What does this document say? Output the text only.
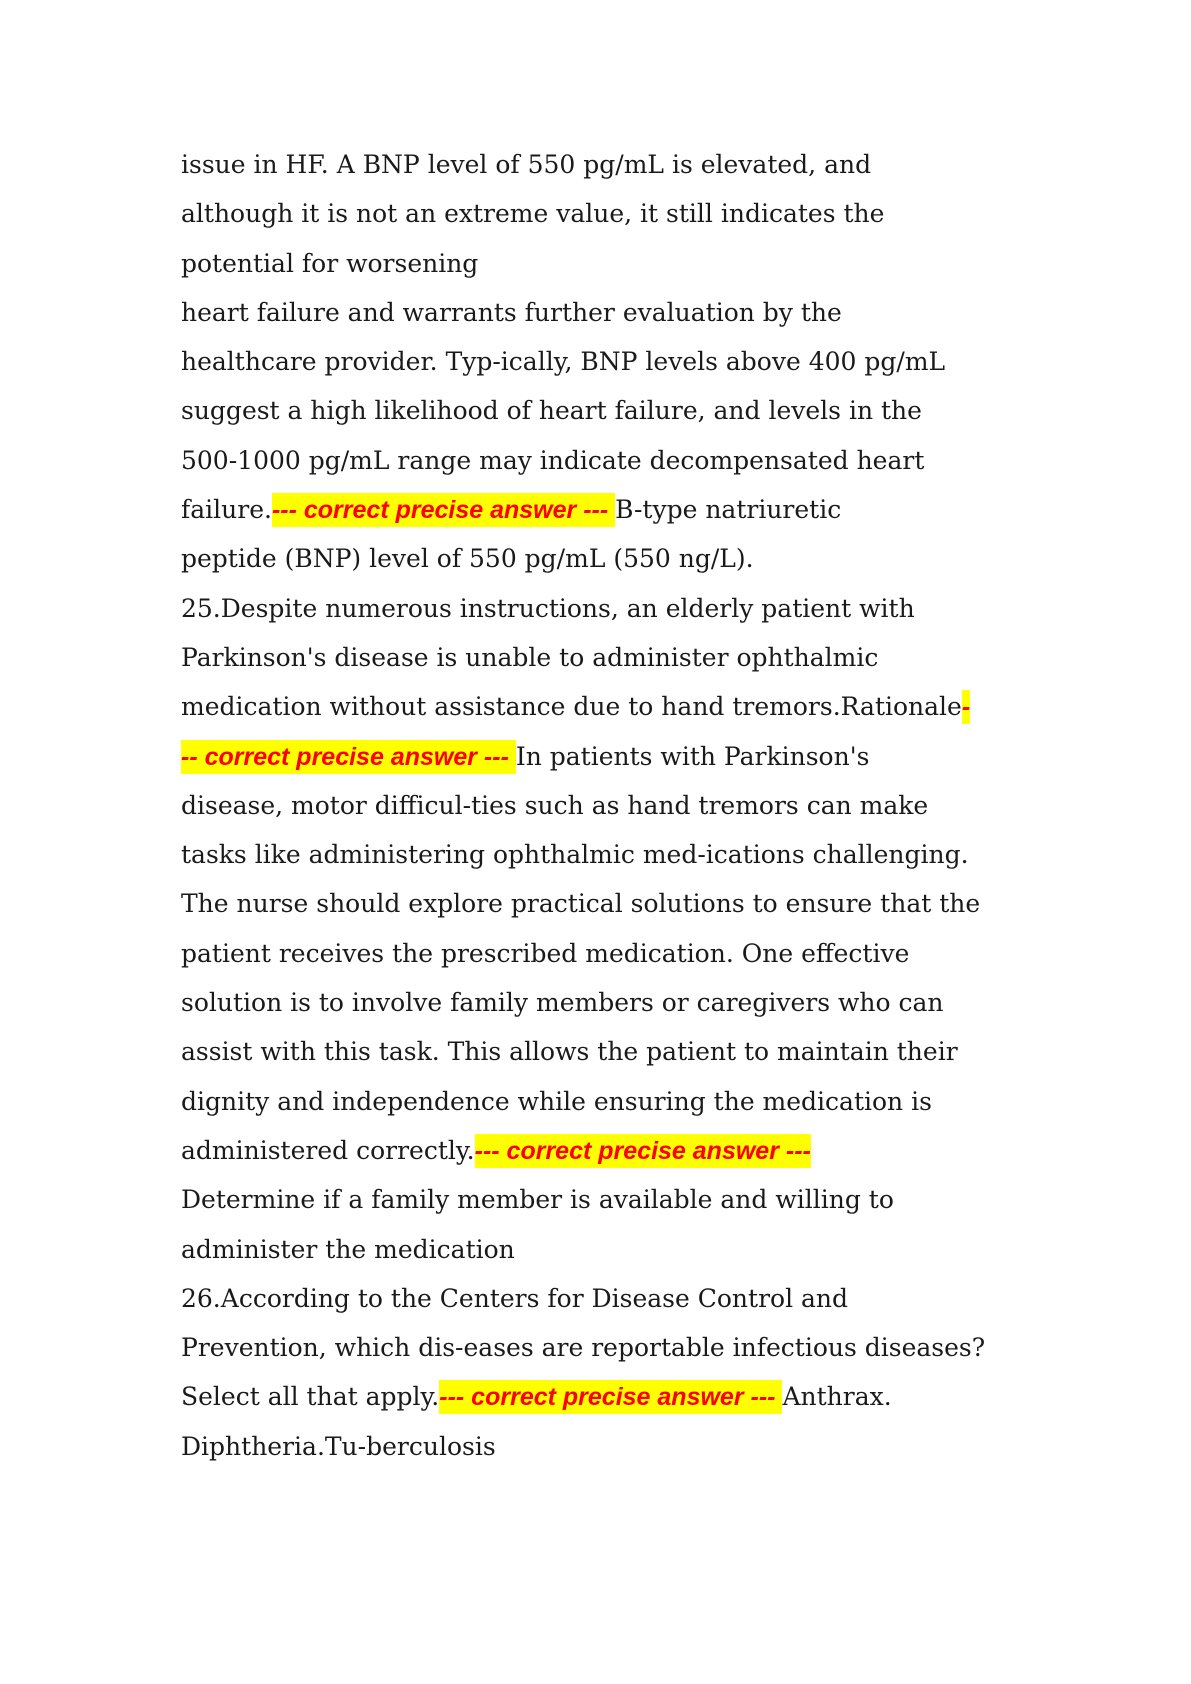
issue in HF. A BNP level of 550 pg/mL is elevated, and
although it is not an extreme value, it still indicates the
potential for worsening
heart failure and warrants further evaluation by the
healthcare provider. Typ-ically, BNP levels above 400 pg/mL
suggest a high likelihood of heart failure, and levels in the
500-1000 pg/mL range may indicate decompensated heart
failure.--- correct precise answer --- B-type natriuretic
peptide (BNP) level of 550 pg/mL (550 ng/L).
25.Despite numerous instructions, an elderly patient with
Parkinson's disease is unable to administer ophthalmic
medication without assistance due to hand tremors.Rationale-
-- correct precise answer --- In patients with Parkinson's
disease, motor difficul-ties such as hand tremors can make
tasks like administering ophthalmic med-ications challenging.
The nurse should explore practical solutions to ensure that the
patient receives the prescribed medication. One effective
solution is to involve family members or caregivers who can
assist with this task. This allows the patient to maintain their
dignity and independence while ensuring the medication is
administered correctly.--- correct precise answer ---
Determine if a family member is available and willing to
administer the medication
26.According to the Centers for Disease Control and
Prevention, which dis-eases are reportable infectious diseases?
Select all that apply.--- correct precise answer --- Anthrax.
Diphtheria.Tu-berculosis
